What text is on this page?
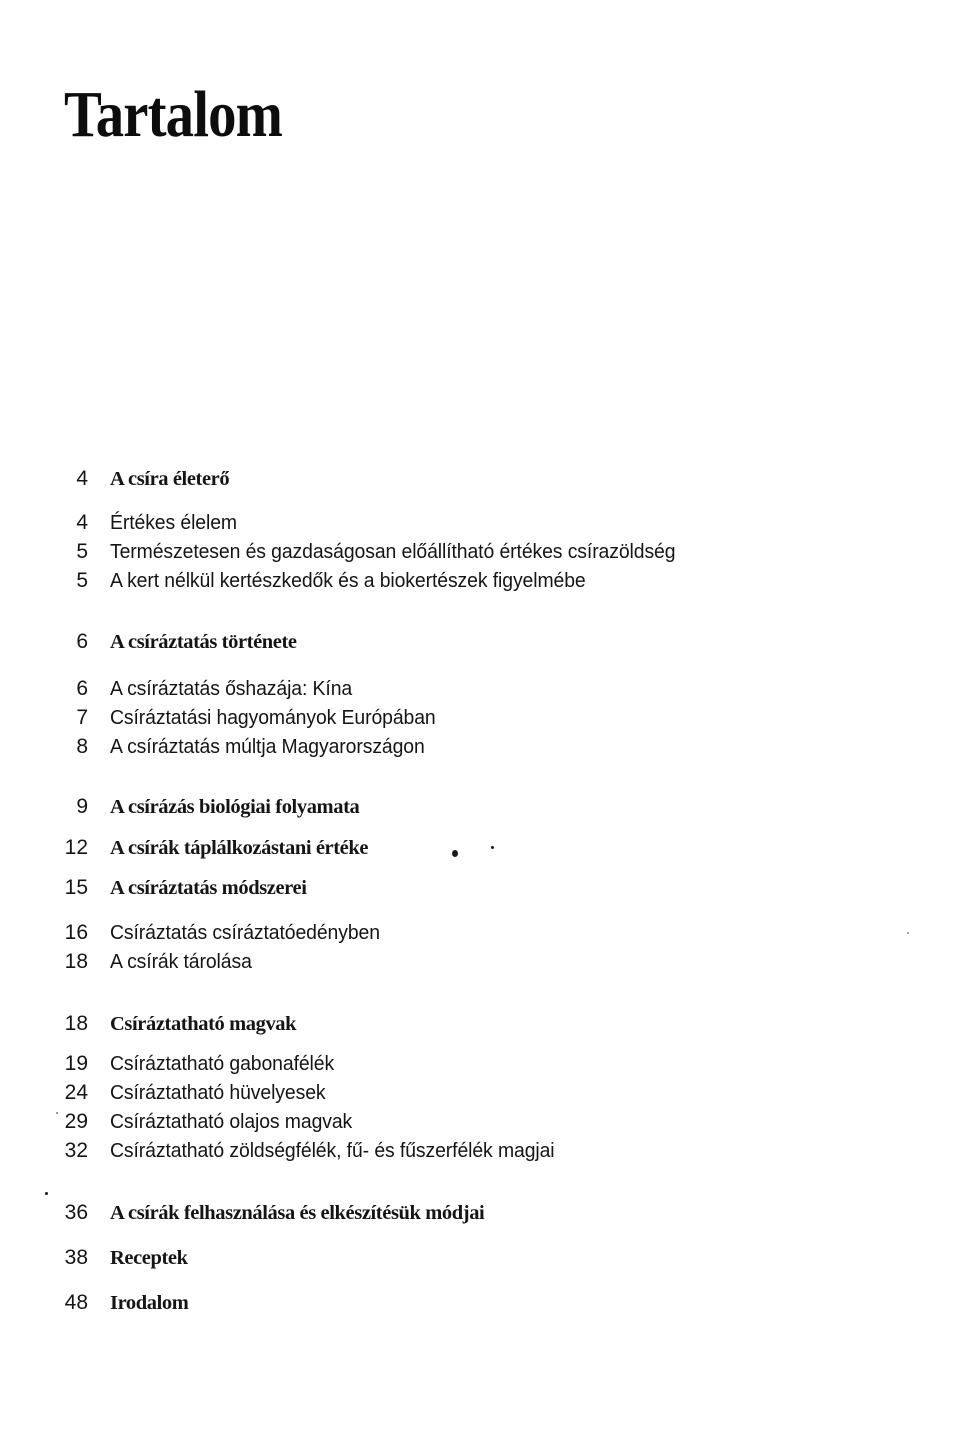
Tartalom
4 A csíra életerő
4 Értékes élelem
5 Természetesen és gazdaságosan előállítható értékes csírazöldség
5 A kert nélkül kertészkedők és a biokertészek figyelmébe
6 A csíráztatás története
6 A csíráztatás őshazája: Kína
7 Csíráztatási hagyományok Európában
8 A csíráztatás múltja Magyarországon
9 A csírázás biológiai folyamata
12 A csírák táplálkozástani értéke
15 A csíráztatás módszerei
16 Csíráztatás csíráztatóedényben
18 A csírák tárolása
18 Csíráztatható magvak
19 Csíráztatható gabonafélék
24 Csíráztatható hüvelyesek
29 Csíráztatható olajos magvak
32 Csíráztatható zöldségfélék, fű- és fűszerfélék magjai
36 A csírák felhasználása és elkészítésük módjai
38 Receptek
48 Irodalom
